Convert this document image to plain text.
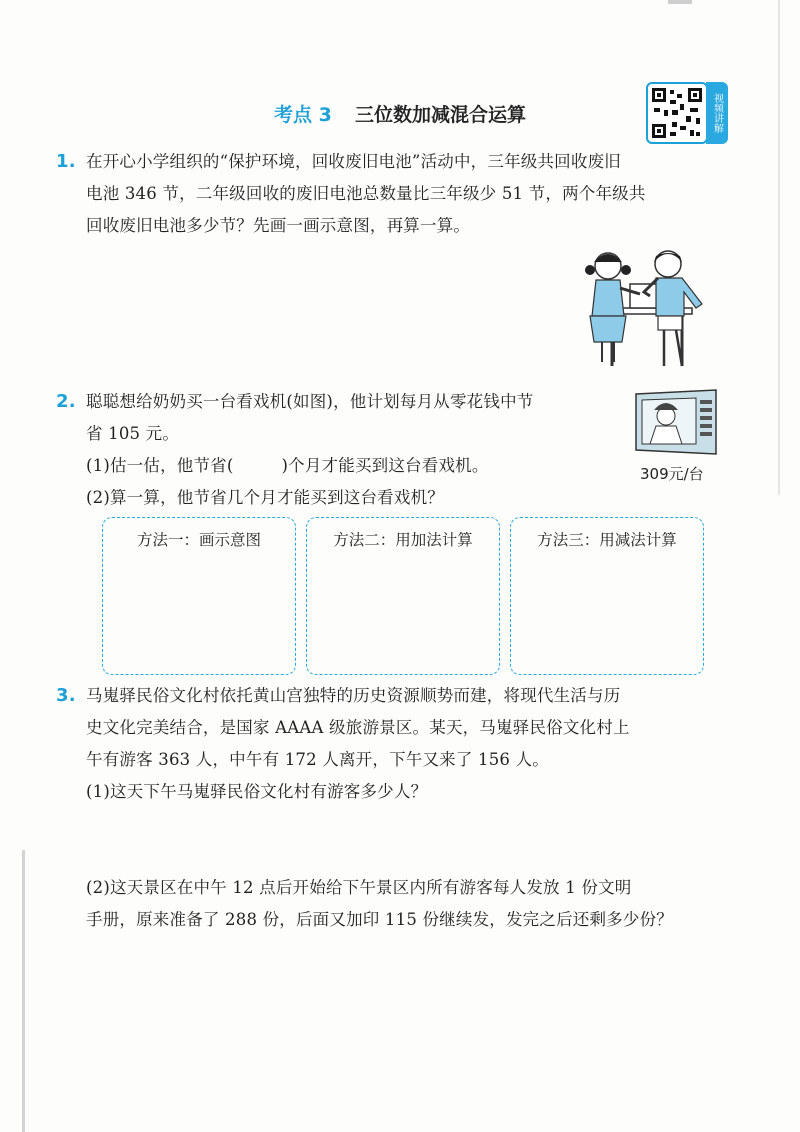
考点 3 三位数加减混合运算	视频讲解
1. 在开心小学组织的“保护环境，回收废旧电池”活动中，三年级共回收废旧
电池 346 节，二年级回收的废旧电池总数量比三年级少 51 节，两个年级共
回收废旧电池多少节？先画一画示意图，再算一算。
2. 聪聪想给奶奶买一台看戏机(如图)，他计划每月从零花钱中节
省 105 元。
(1)估一估，他节省(	)个月才能买到这台看戏机。
(2)算一算，他节省几个月才能买到这台看戏机？
309元/台
方法一：画示意图	方法二：用加法计算	方法三：用减法计算
3. 马嵬驿民俗文化村依托黄山宫独特的历史资源顺势而建，将现代生活与历
史文化完美结合，是国家 AAAA 级旅游景区。某天，马嵬驿民俗文化村上
午有游客 363 人，中午有 172 人离开，下午又来了 156 人。
(1)这天下午马嵬驿民俗文化村有游客多少人？
(2)这天景区在中午 12 点后开始给下午景区内所有游客每人发放 1 份文明
手册，原来准备了 288 份，后面又加印 115 份继续发，发完之后还剩多少份？
